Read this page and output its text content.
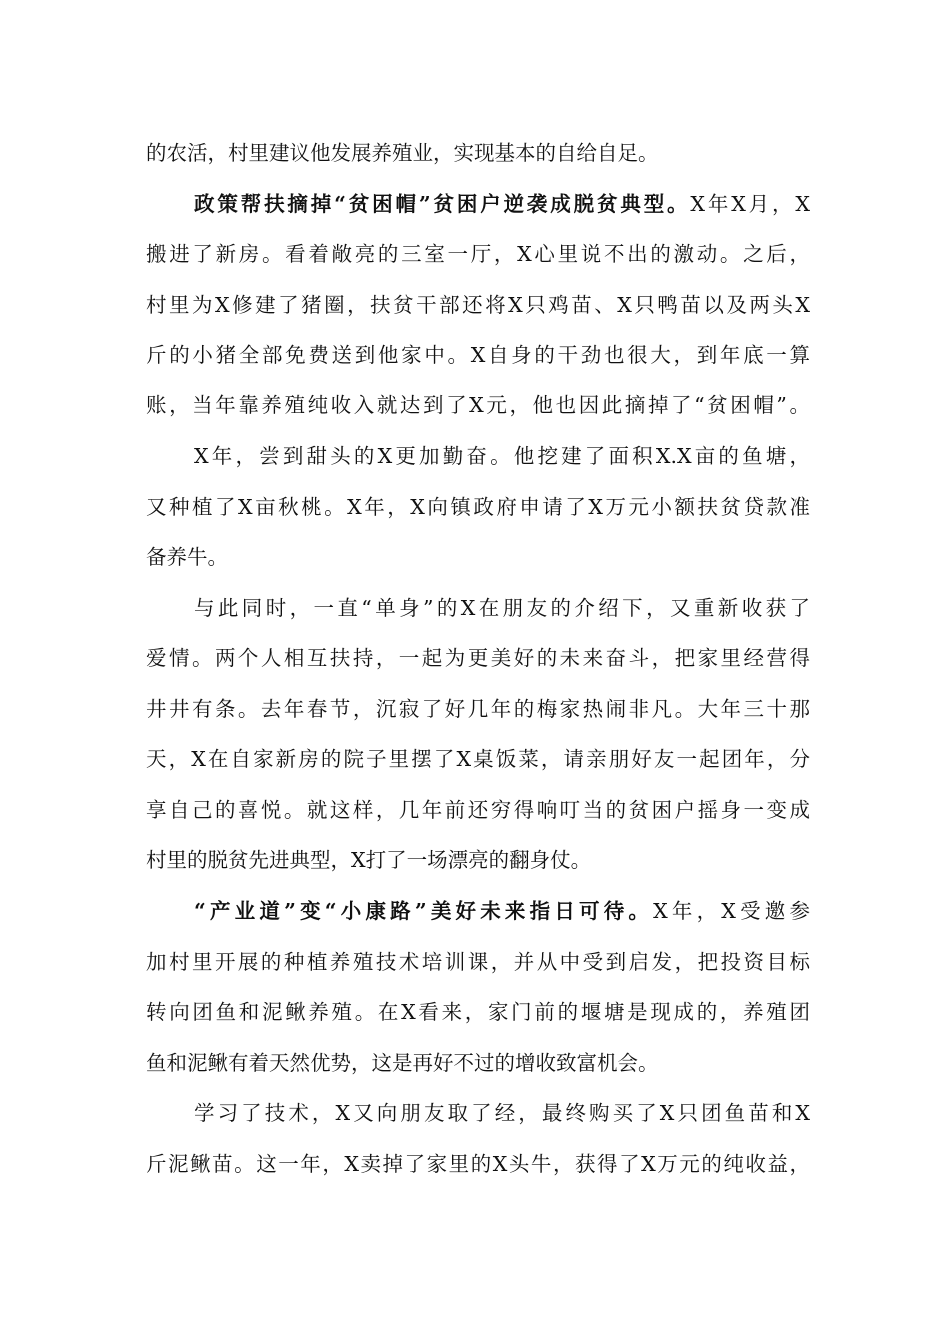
的农活，村里建议他发展养殖业，实现基本的自给自足。
政策帮扶摘掉“贫困帽”贫困户逆袭成脱贫典型。X年X月，X
搬进了新房。看着敞亮的三室一厅，X心里说不出的激动。之后，
村里为X修建了猪圈，扶贫干部还将X只鸡苗、X只鸭苗以及两头X
斤的小猪全部免费送到他家中。X自身的干劲也很大，到年底一算
账，当年靠养殖纯收入就达到了X元，他也因此摘掉了“贫困帽”。
X年，尝到甜头的X更加勤奋。他挖建了面积X.X亩的鱼塘，
又种植了X亩秋桃。X年，X向镇政府申请了X万元小额扶贫贷款准
备养牛。
与此同时，一直“单身”的X在朋友的介绍下，又重新收获了
爱情。两个人相互扶持，一起为更美好的未来奋斗，把家里经营得
井井有条。去年春节，沉寂了好几年的梅家热闹非凡。大年三十那
天，X在自家新房的院子里摆了X桌饭菜，请亲朋好友一起团年，分
享自己的喜悦。就这样，几年前还穷得响叮当的贫困户摇身一变成
村里的脱贫先进典型，X打了一场漂亮的翻身仗。
“产业道”变“小康路”美好未来指日可待。X年，X受邀参
加村里开展的种植养殖技术培训课，并从中受到启发，把投资目标
转向团鱼和泥鳅养殖。在X看来，家门前的堰塘是现成的，养殖团
鱼和泥鳅有着天然优势，这是再好不过的增收致富机会。
学习了技术，X又向朋友取了经，最终购买了X只团鱼苗和X
斤泥鳅苗。这一年，X卖掉了家里的X头牛，获得了X万元的纯收益，
